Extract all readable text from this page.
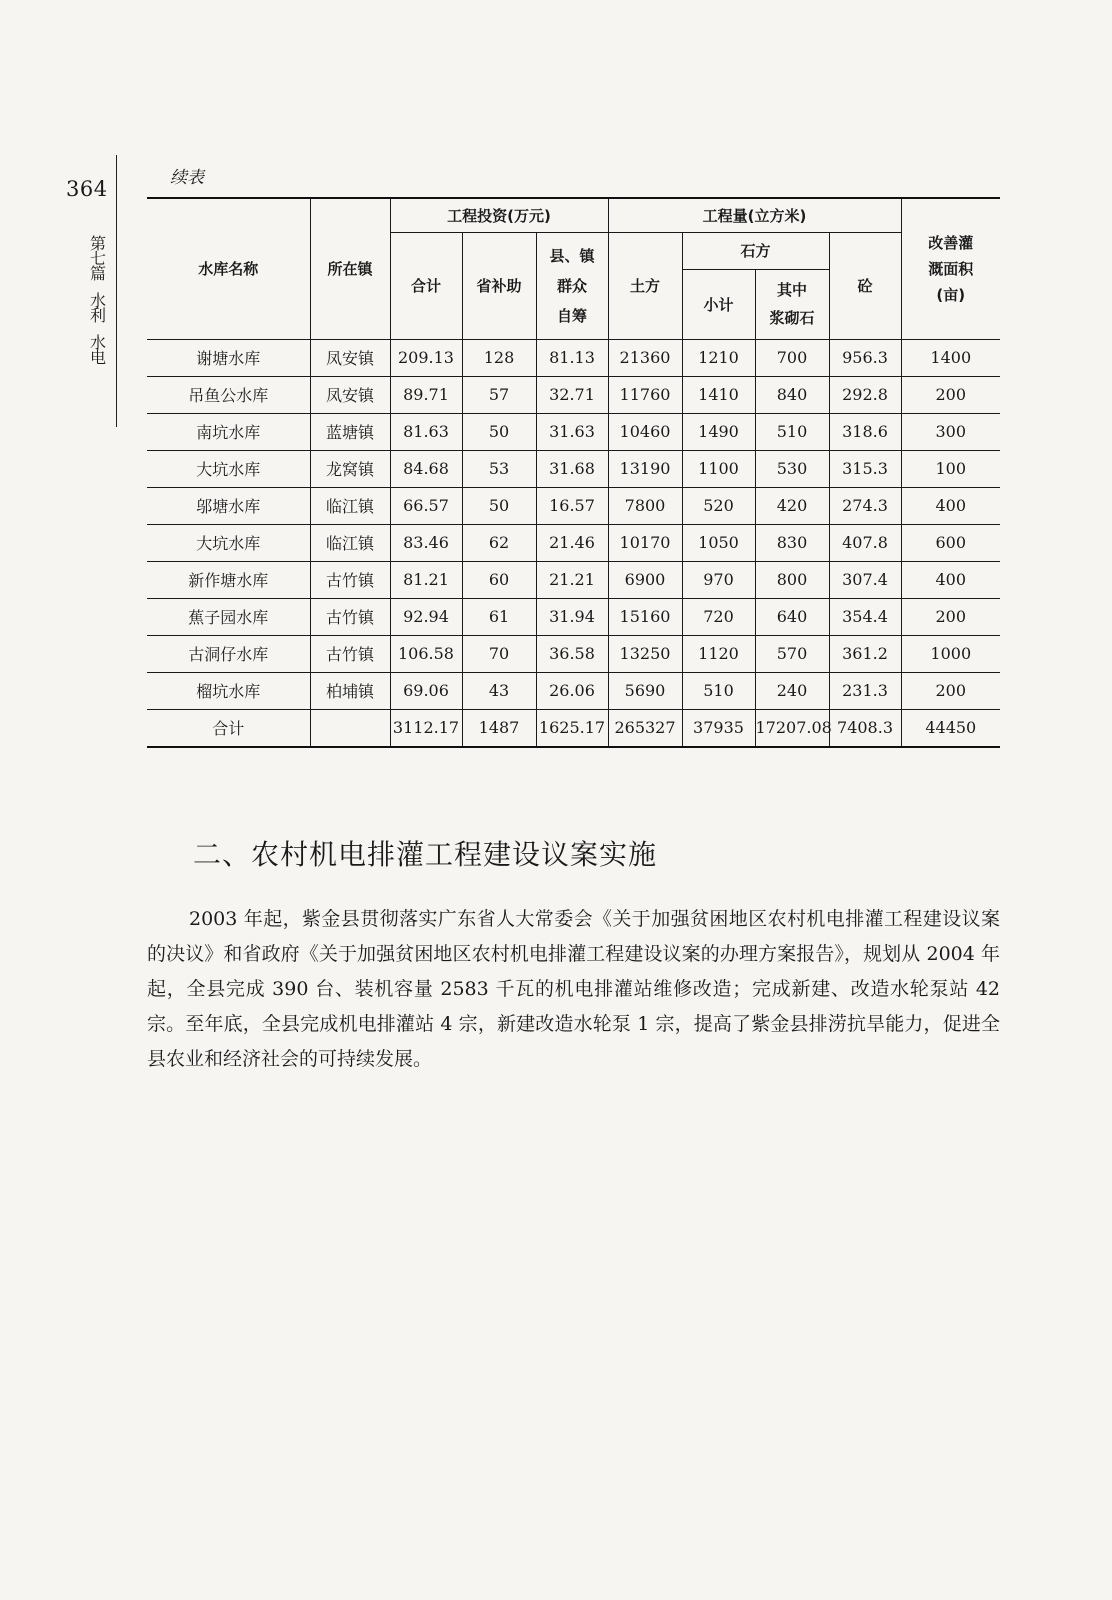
364
第
七
篇
水
利
水
电
续表
水库名称	所在镇	工程投资(万元)			工程量(立方米)				改善灌
溉面积
(亩)

		合计	省补助	县、镇
群众
自筹	土方	石方		砼	
						小计	其中
浆砌石		

谢塘水库	凤安镇	209.13	128	81.13	21360	1210	700	956.3	1400
吊鱼公水库	凤安镇	89.71	57	32.71	11760	1410	840	292.8	200
南坑水库	蓝塘镇	81.63	50	31.63	10460	1490	510	318.6	300
大坑水库	龙窝镇	84.68	53	31.68	13190	1100	530	315.3	100
邬塘水库	临江镇	66.57	50	16.57	7800	520	420	274.3	400
大坑水库	临江镇	83.46	62	21.46	10170	1050	830	407.8	600
新作塘水库	古竹镇	81.21	60	21.21	6900	970	800	307.4	400
蕉子园水库	古竹镇	92.94	61	31.94	15160	720	640	354.4	200
古洞仔水库	古竹镇	106.58	70	36.58	13250	1120	570	361.2	1000
榴坑水库	柏埔镇	69.06	43	26.06	5690	510	240	231.3	200
合计		3112.17	1487	1625.17	265327	37935	17207.08	7408.3	44450
二、农村机电排灌工程建设议案实施
2003 年起，紫金县贯彻落实广东省人大常委会《关于加强贫困地区农村机电排灌工程建设议案的决议》和省政府《关于加强贫困地区农村机电排灌工程建设议案的办理方案报告》，规划从 2004 年起，全县完成 390 台、装机容量 2583 千瓦的机电排灌站维修改造；完成新建、改造水轮泵站 42 宗。至年底，全县完成机电排灌站 4 宗，新建改造水轮泵 1 宗，提高了紫金县排涝抗旱能力，促进全县农业和经济社会的可持续发展。
